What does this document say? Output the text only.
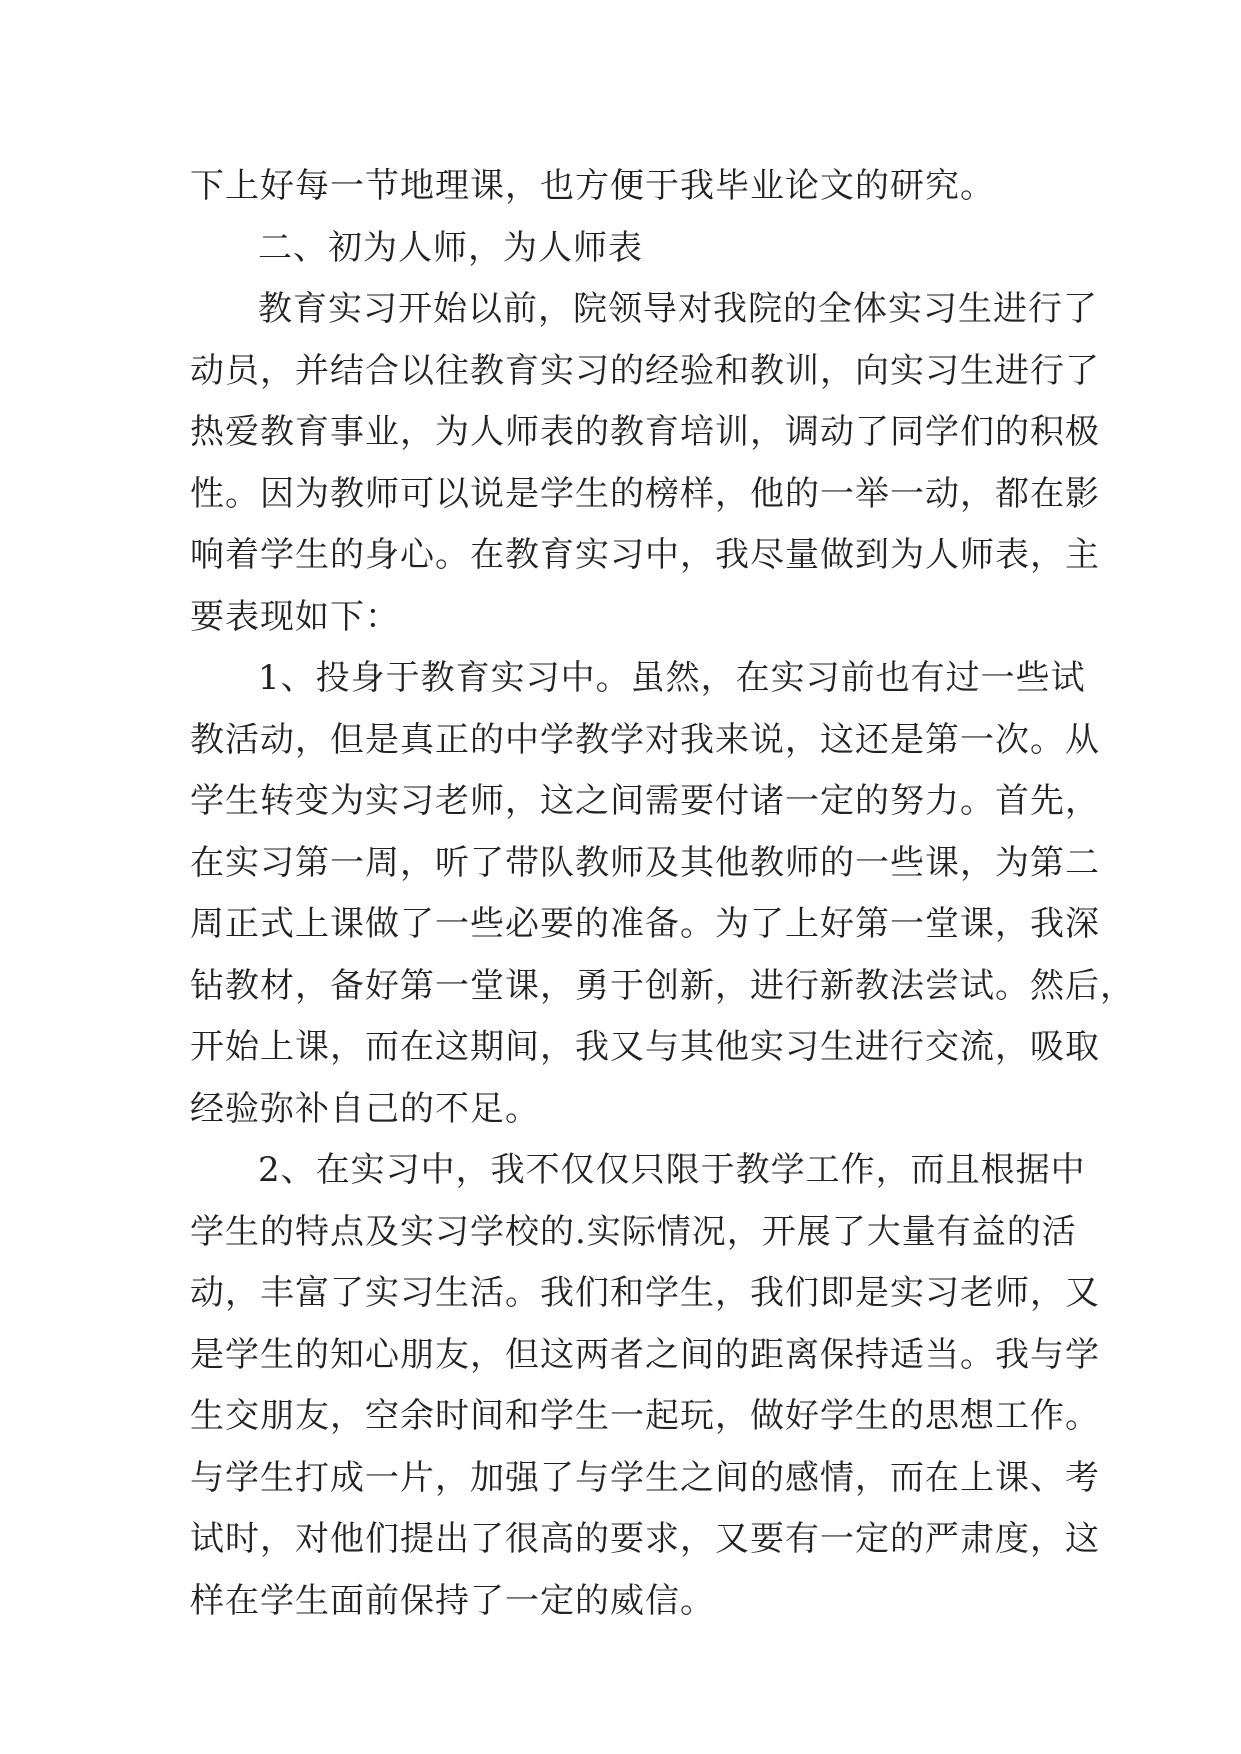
下上好每一节地理课，也方便于我毕业论文的研究。
二、初为人师，为人师表
教育实习开始以前，院领导对我院的全体实习生进行了
动员，并结合以往教育实习的经验和教训，向实习生进行了
热爱教育事业，为人师表的教育培训，调动了同学们的积极
性。因为教师可以说是学生的榜样，他的一举一动，都在影
响着学生的身心。在教育实习中，我尽量做到为人师表，主
要表现如下：
1、投身于教育实习中。虽然，在实习前也有过一些试
教活动，但是真正的中学教学对我来说，这还是第一次。从
学生转变为实习老师，这之间需要付诸一定的努力。首先，
在实习第一周，听了带队教师及其他教师的一些课，为第二
周正式上课做了一些必要的准备。为了上好第一堂课，我深
钻教材，备好第一堂课，勇于创新，进行新教法尝试。然后，
开始上课，而在这期间，我又与其他实习生进行交流，吸取
经验弥补自己的不足。
2、在实习中，我不仅仅只限于教学工作，而且根据中
学生的特点及实习学校的.实际情况，开展了大量有益的活
动，丰富了实习生活。我们和学生，我们即是实习老师，又
是学生的知心朋友，但这两者之间的距离保持适当。我与学
生交朋友，空余时间和学生一起玩，做好学生的思想工作。
与学生打成一片，加强了与学生之间的感情，而在上课、考
试时，对他们提出了很高的要求，又要有一定的严肃度，这
样在学生面前保持了一定的威信。
